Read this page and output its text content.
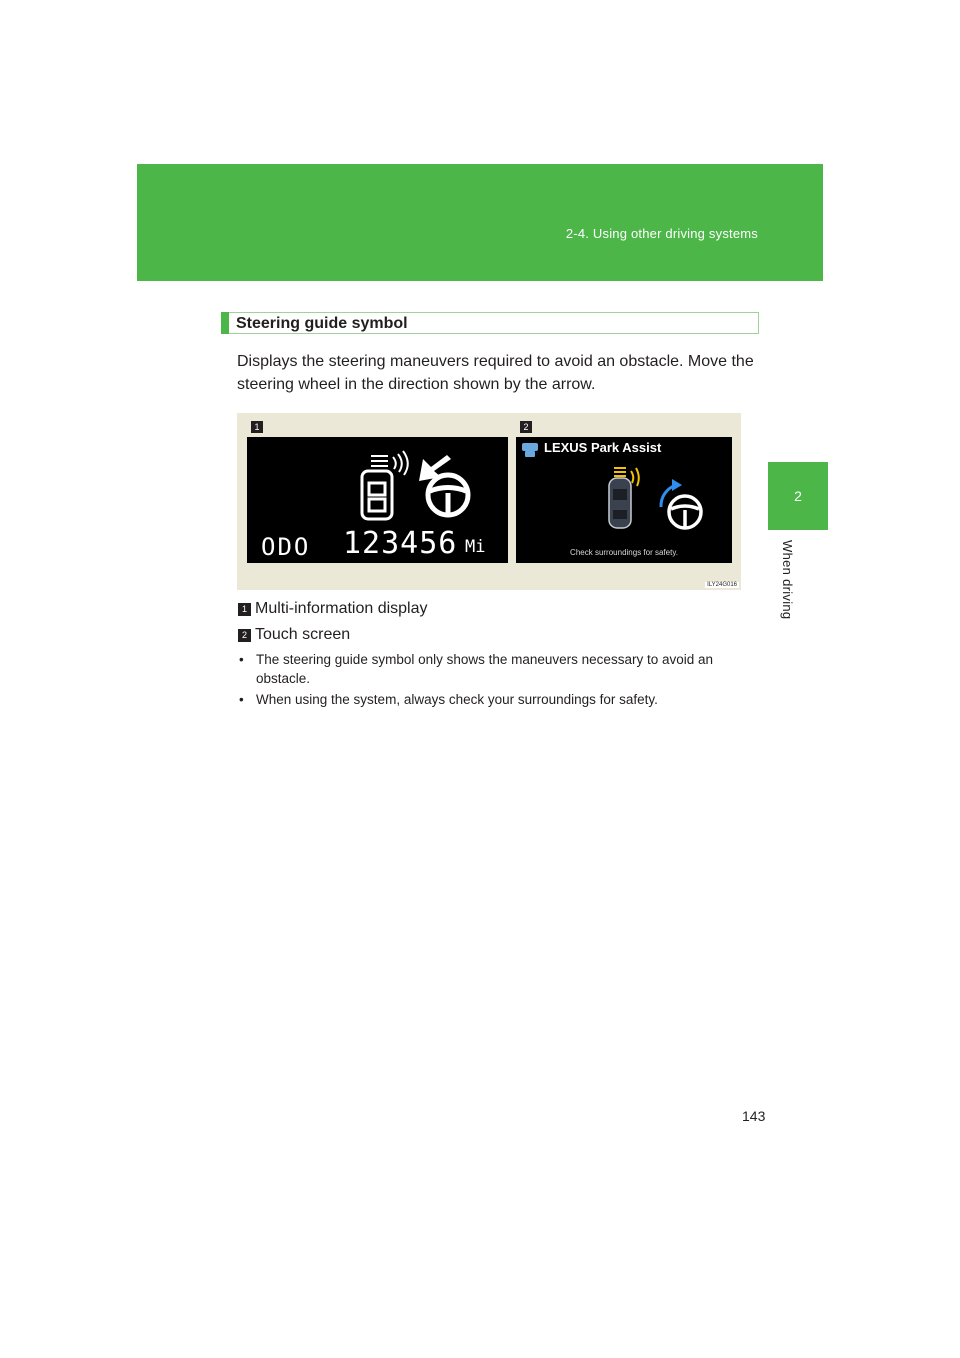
2-4. Using other driving systems
2
When driving
Steering guide symbol
Displays the steering maneuvers required to avoid an obstacle. Move the steering wheel in the direction shown by the arrow.
1	2
ODO 123456 Mi
LEXUS Park Assist
Check surroundings for safety.
ILY24G016
1 Multi-information display
2 Touch screen
• The steering guide symbol only shows the maneuvers necessary to avoid an obstacle.
• When using the system, always check your surroundings for safety.
143
